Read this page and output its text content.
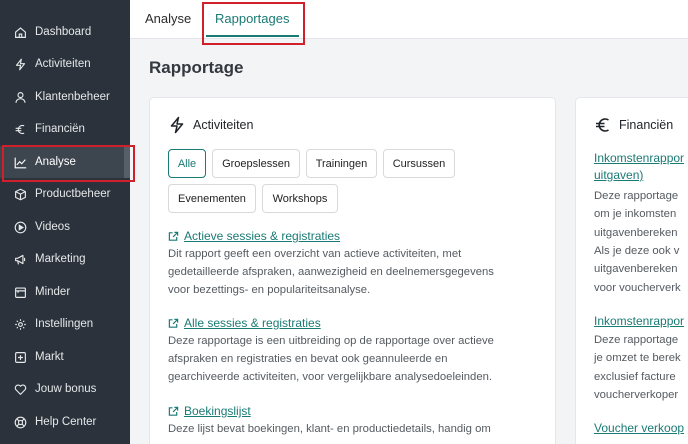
Dashboard
Activiteiten
Klantenbeheer
Financiën
Analyse
Productbeheer
Videos
Marketing
Minder
Instellingen
Markt
Jouw bonus
Help Center
Analyse Rapportages
Rapportage
Activiteiten
Alle	Groepslessen	Trainingen	Cursussen
Evenementen	Workshops
Actieve sessies & registraties
Dit rapport geeft een overzicht van actieve activiteiten, met
gedetailleerde afspraken, aanwezigheid en deelnemersgegevens
voor bezettings- en populariteitsanalyse.
Alle sessies & registraties
Deze rapportage is een uitbreiding op de rapportage over actieve
afspraken en registraties en bevat ook geannuleerde en
gearchiveerde activiteiten, voor vergelijkbare analysedoeleinden.
Boekingslijst
Deze lijst bevat boekingen, klant- en productiedetails, handig om
Financiën
Inkomstenrappor
uitgaven)
Deze rapportage
om je inkomsten
uitgavenbereken
Als je deze ook v
uitgavenbereken
voor voucherverk
Inkomstenrappor
Deze rapportage
je omzet te berek
exclusief facture
voucherverkoper
Voucher verkoop
